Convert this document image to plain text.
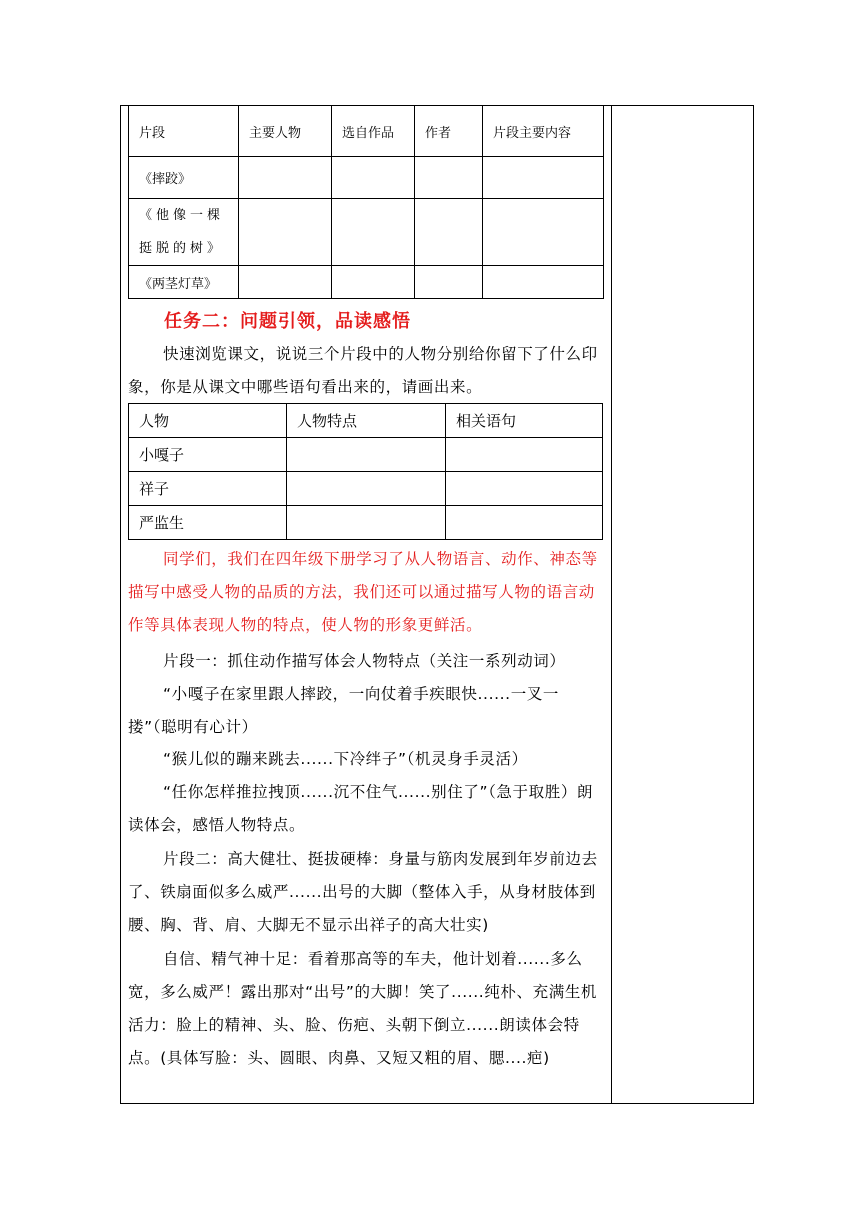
片段	主要人物	选自作品	作者	片段主要内容
《摔跤》				
《他像一棵挺脱的树》				
《两茎灯草》				
任务二：问题引领，品读感悟
快速浏览课文，说说三个片段中的人物分别给你留下了什么印象，你是从课文中哪些语句看出来的，请画出来。
人物	人物特点	相关语句
小嘎子		
祥子		
严监生		
同学们，我们在四年级下册学习了从人物语言、动作、神态等描写中感受人物的品质的方法，我们还可以通过描写人物的语言动作等具体表现人物的特点，使人物的形象更鲜活。
片段一：抓住动作描写体会人物特点（关注一系列动词）
“小嘎子在家里跟人摔跤，一向仗着手疾眼快......一叉一搂”（聪明有心计）
“猴儿似的蹦来跳去......下冷绊子”（机灵身手灵活）
“任你怎样推拉拽顶......沉不住气......别住了”（急于取胜）朗读体会，感悟人物特点。
片段二：高大健壮、挺拔硬棒：身量与筋肉发展到年岁前边去了、铁扇面似多么威严......出号的大脚（整体入手，从身材肢体到腰、胸、背、肩、大脚无不显示出祥子的高大壮实)
自信、精气神十足：看着那高等的车夫，他计划着......多么宽，多么威严！露出那对“出号”的大脚！笑了......纯朴、充满生机活力：脸上的精神、头、脸、伤疤、头朝下倒立......朗读体会特点。(具体写脸：头、圆眼、肉鼻、又短又粗的眉、腮....疤)
